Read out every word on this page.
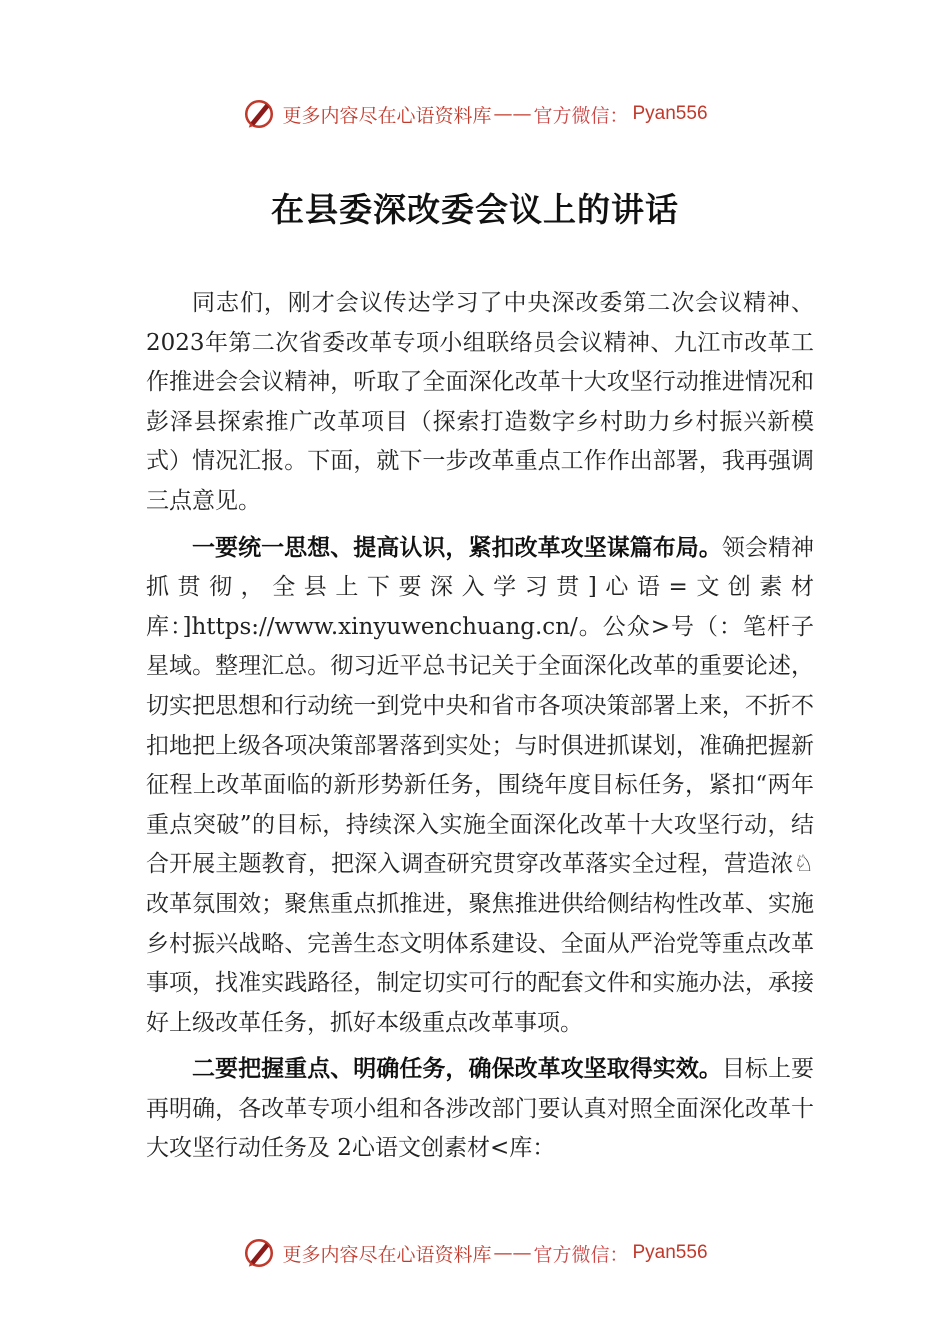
更多内容尽在心语资料库 —— 官方微信： Pyan556
在县委深改委会议上的讲话

同志们，刚才会议传达学习了中央深改委第二次会议精神、2023年第二次省委改革专项小组联络员会议精神、九江市改革工作推进会会议精神，听取了全面深化改革十大攻坚行动推进情况和彭泽县探索推广改革项目（探索打造数字乡村助力乡村振兴新模式）情况汇报。下面，就下一步改革重点工作作出部署，我再强调三点意见。

一要统一思想、提高认识，紧扣改革攻坚谋篇布局。领会精神抓贯彻，全县上下要深入学习贯]心语=文创素材库：]https://www.xinyuwenchuang.cn/。公众>号（：笔杆子星域。整理汇总。彻习近平总书记关于全面深化改革的重要论述，切实把思想和行动统一到党中央和省市各项决策部署上来，不折不扣地把上级各项决策部署落到实处；与时俱进抓谋划，准确把握新征程上改革面临的新形势新任务，围绕年度目标任务，紧扣“两年重点突破”的目标，持续深入实施全面深化改革十大攻坚行动，结合开展主题教育，把深入调查研究贯穿改革落实全过程，营造浓♘改革氛围效；聚焦重点抓推进，聚焦推进供给侧结构性改革、实施乡村振兴战略、完善生态文明体系建设、全面从严治党等重点改革事项，找准实践路径，制定切实可行的配套文件和实施办法，承接好上级改革任务，抓好本级重点改革事项。

二要把握重点、明确任务，确保改革攻坚取得实效。目标上要再明确，各改革专项小组和各涉改部门要认真对照全面深化改革十大攻坚行动任务及 2心语文创素材<库：

更多内容尽在心语资料库 —— 官方微信： Pyan556
